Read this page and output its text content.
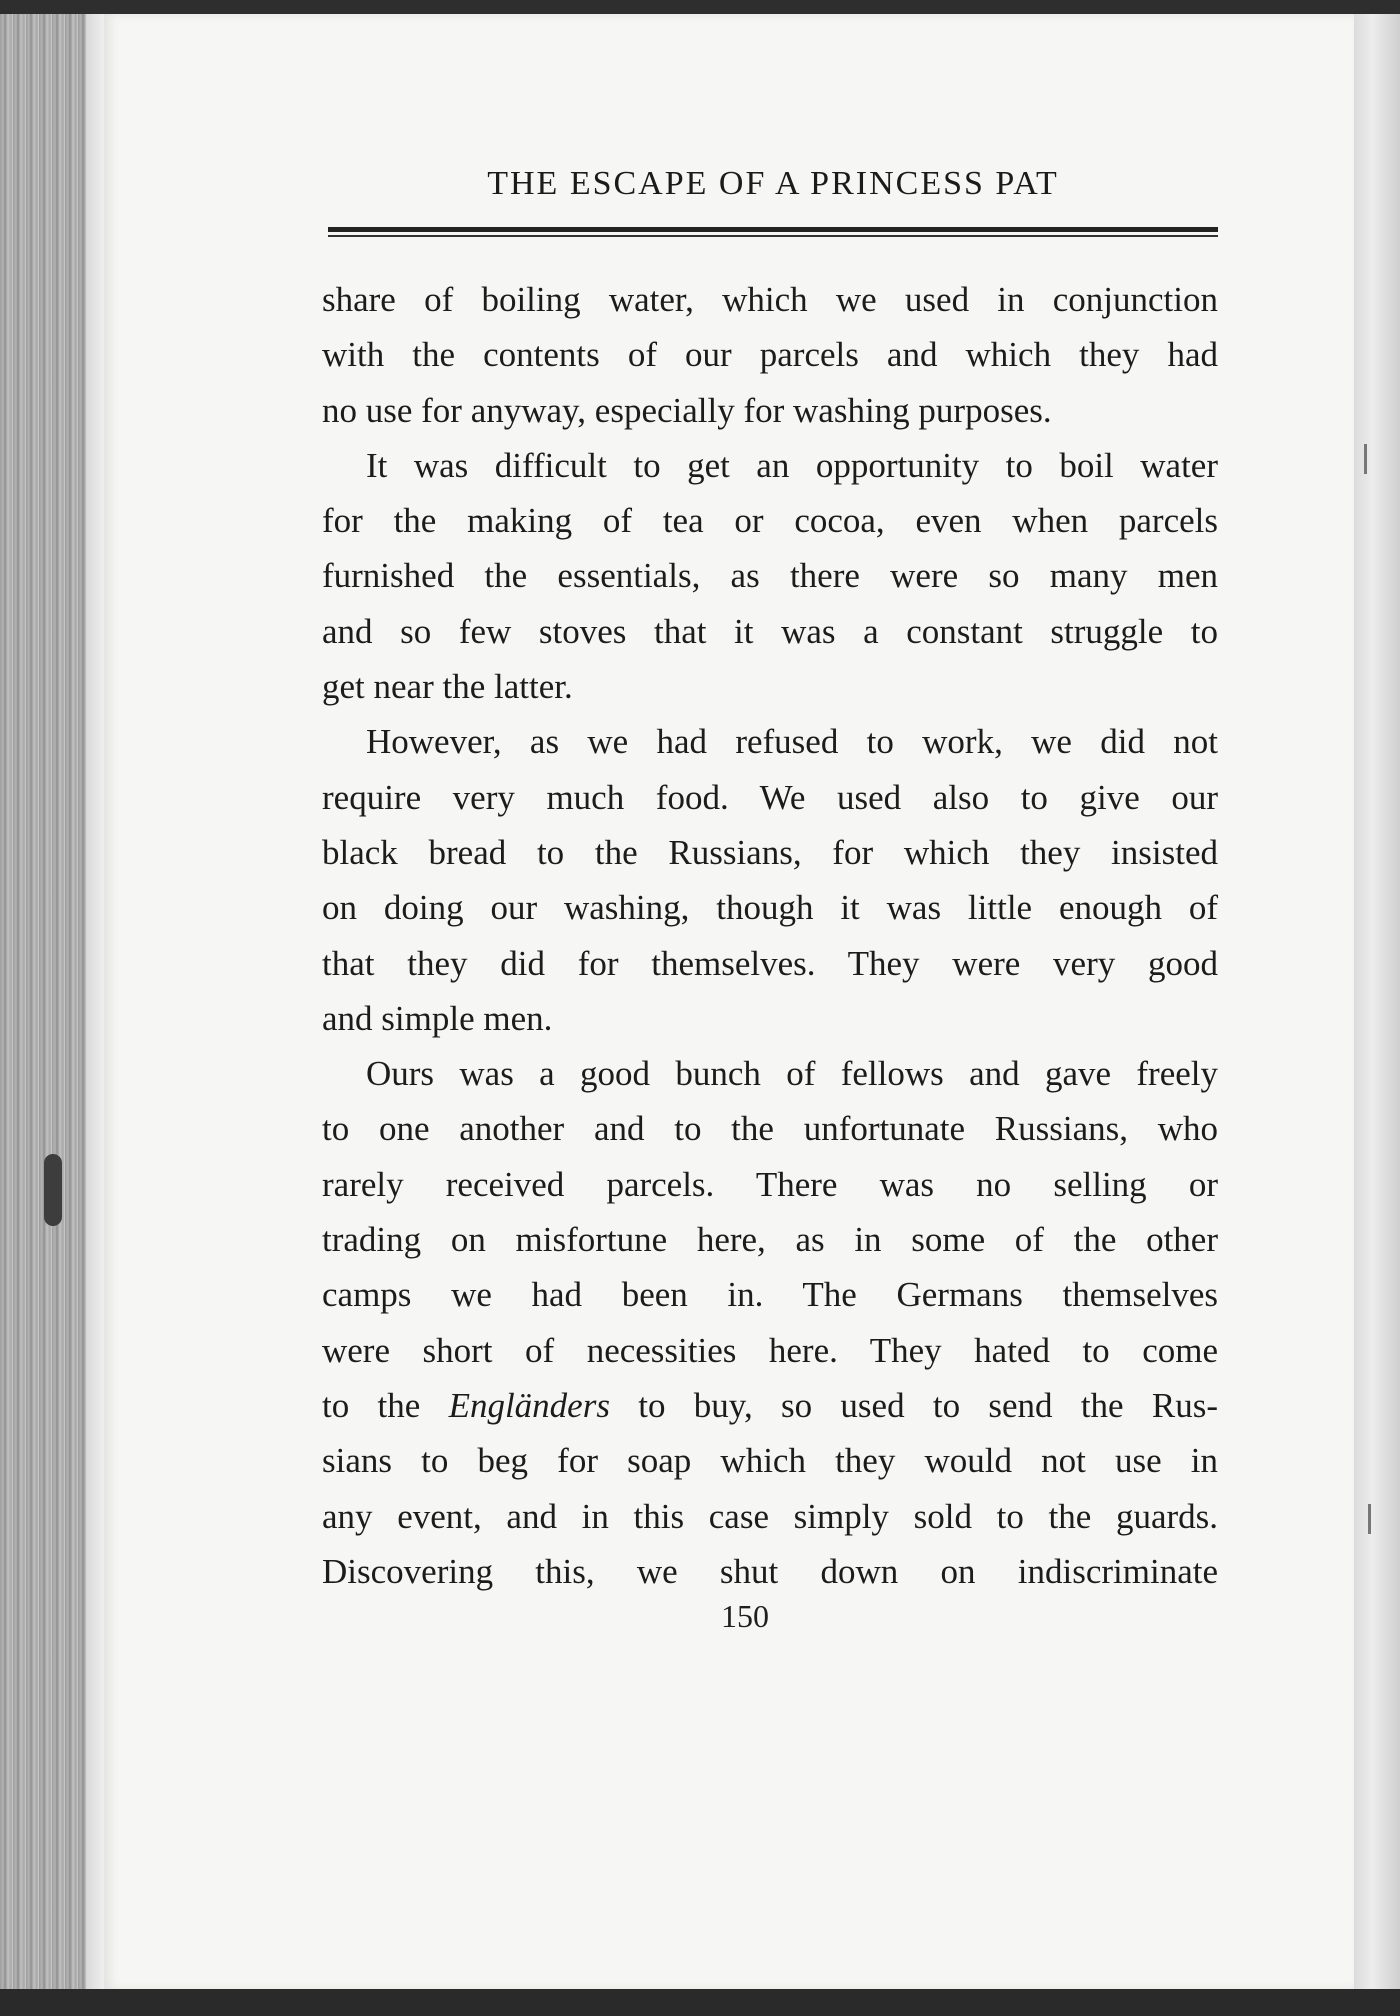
THE ESCAPE OF A PRINCESS PAT
share of boiling water, which we used in conjunction
with the contents of our parcels and which they had
no use for anyway, especially for washing purposes.
It was difficult to get an opportunity to boil water
for the making of tea or cocoa, even when parcels
furnished the essentials, as there were so many men
and so few stoves that it was a constant struggle to
get near the latter.
However, as we had refused to work, we did not
require very much food. We used also to give our
black bread to the Russians, for which they insisted
on doing our washing, though it was little enough of
that they did for themselves. They were very good
and simple men.
Ours was a good bunch of fellows and gave freely
to one another and to the unfortunate Russians, who
rarely received parcels. There was no selling or
trading on misfortune here, as in some of the other
camps we had been in. The Germans themselves
were short of necessities here. They hated to come
to the Engländers to buy, so used to send the Rus-
sians to beg for soap which they would not use in
any event, and in this case simply sold to the guards.
Discovering this, we shut down on indiscriminate
150
